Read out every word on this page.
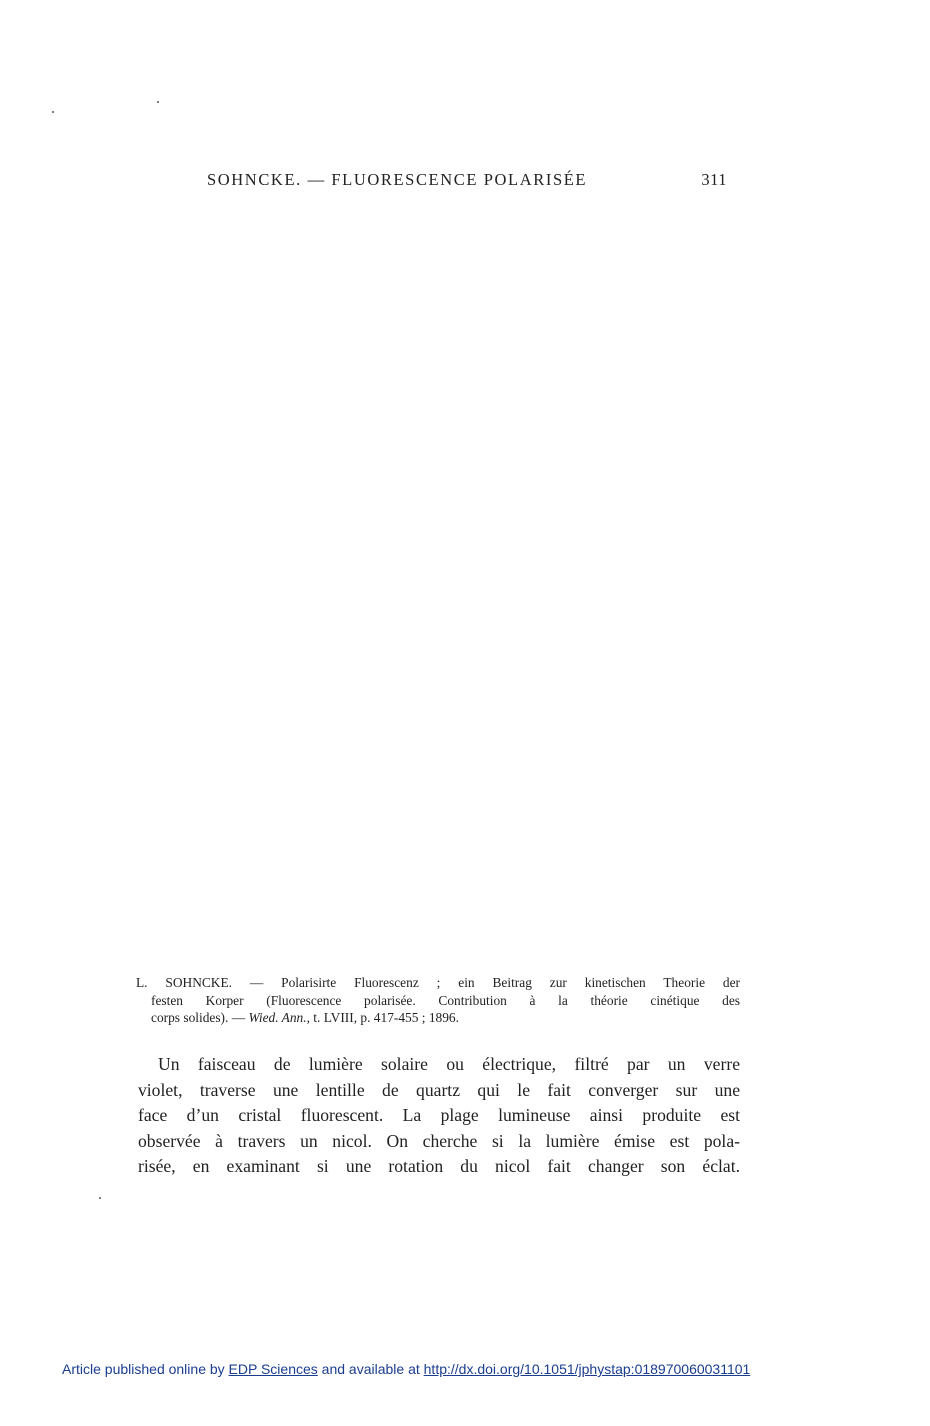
SOHNCKE. — FLUORESCENCE POLARISÉE	311
L. SOHNCKE. — Polarisirte Fluorescenz ; ein Beitrag zur kinetischen Theorie der
festen Korper (Fluorescence polarisée. Contribution à la théorie cinétique des
corps solides). — Wied. Ann., t. LVIII, p. 417-455 ; 1896.
Un faisceau de lumière solaire ou électrique, filtré par un verre
violet, traverse une lentille de quartz qui le fait converger sur une
face d’un cristal fluorescent. La plage lumineuse ainsi produite est
observée à travers un nicol. On cherche si la lumière émise est pola-
risée, en examinant si une rotation du nicol fait changer son éclat.
Article published online by EDP Sciences and available at http://dx.doi.org/10.1051/jphystap:018970060031101
